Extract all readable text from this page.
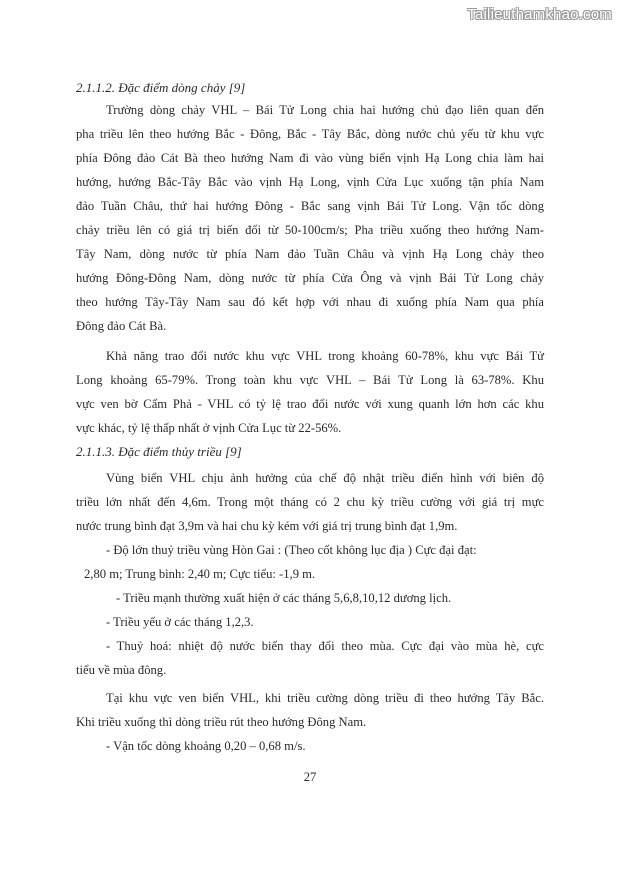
Tailieuthamkhao.com

2.1.1.2. Đặc điểm dòng chảy [9]

Trường dòng chảy VHL – Bái Tử Long chia hai hướng chủ đạo liên quan đến
pha triều lên theo hướng Bắc - Đông, Bắc - Tây Bắc, dòng nước chủ yếu từ khu vực
phía Đông đảo Cát Bà theo hướng Nam đi vào vùng biển vịnh Hạ Long chia làm hai
hướng, hướng Bắc-Tây Bắc vào vịnh Hạ Long, vịnh Cửa Lục xuống tận phía Nam
đảo Tuần Châu, thứ hai hướng Đông - Bắc sang vịnh Bái Tử Long. Vận tốc dòng
chảy triều lên có giá trị biến đổi từ 50-100cm/s; Pha triều xuống theo hướng Nam-
Tây Nam, dòng nước từ phía Nam đảo Tuần Châu và vịnh Hạ Long chảy theo
hướng Đông-Đông Nam, dòng nước từ phía Cửa Ông và vịnh Bái Tử Long chảy
theo hướng Tây-Tây Nam sau đó kết hợp với nhau đi xuống phía Nam qua phía
Đông đảo Cát Bà.
Khả năng trao đổi nước khu vực VHL trong khoảng 60-78%, khu vực Bái Tử
Long khoảng 65-79%. Trong toàn khu vực VHL – Bái Tử Long là 63-78%. Khu
vực ven bờ Cẩm Phả - VHL có tỷ lệ trao đổi nước với xung quanh lớn hơn các khu
vực khác, tỷ lệ thấp nhất ở vịnh Cửa Lục từ 22-56%.

2.1.1.3. Đặc điểm thủy triều [9]

Vùng biển VHL chịu ảnh hưởng của chế độ nhật triều điển hình với biên độ
triều lớn nhất đến 4,6m. Trong một tháng có 2 chu kỳ triều cường với giá trị mực
nước trung bình đạt 3,9m và hai chu kỳ kém với giá trị trung bình đạt 1,9m.

- Độ lớn thuỷ triều vùng Hòn Gai : (Theo cốt không lục địa ) Cực đại đạt:

2,80 m; Trung bình: 2,40 m; Cực tiểu: -1,9 m.

- Triều mạnh thường xuất hiện ở các tháng 5,6,8,10,12 dương lịch.

- Triều yếu ở các tháng 1,2,3.

- Thuỷ hoá: nhiệt độ nước biển thay đổi theo mùa. Cực đại vào mùa hè, cực
tiểu về mùa đông.
Tại khu vực ven biển VHL, khi triều cường dòng triều đi theo hướng Tây Bắc.
Khi triều xuống thì dòng triều rút theo hướng Đông Nam.

- Vận tốc dòng khoảng 0,20 – 0,68 m/s.

27
